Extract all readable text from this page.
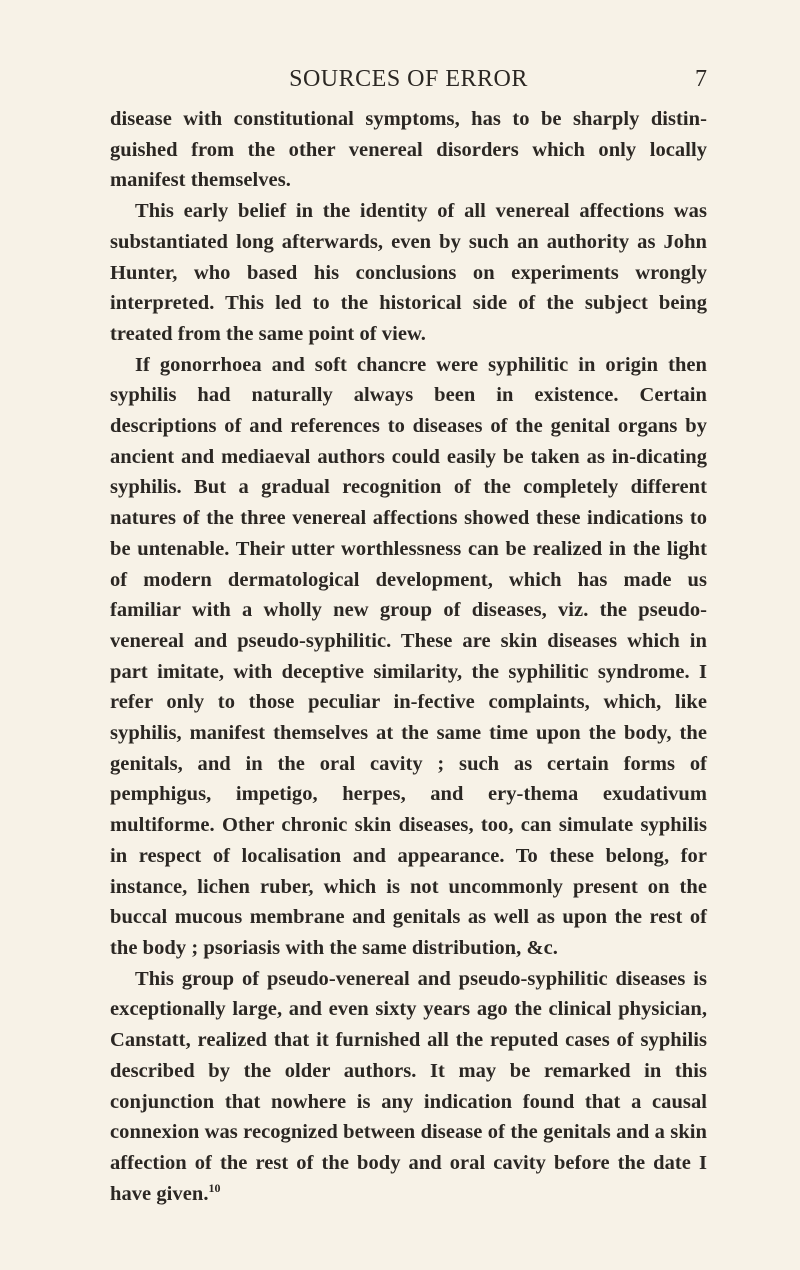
SOURCES OF ERROR	7

disease with constitutional symptoms, has to be sharply distin-guished from the other venereal disorders which only locally manifest themselves.

This early belief in the identity of all venereal affections was substantiated long afterwards, even by such an authority as John Hunter, who based his conclusions on experiments wrongly interpreted. This led to the historical side of the subject being treated from the same point of view.

If gonorrhoea and soft chancre were syphilitic in origin then syphilis had naturally always been in existence. Certain descriptions of and references to diseases of the genital organs by ancient and mediaeval authors could easily be taken as in-dicating syphilis. But a gradual recognition of the completely different natures of the three venereal affections showed these indications to be untenable. Their utter worthlessness can be realized in the light of modern dermatological development, which has made us familiar with a wholly new group of diseases, viz. the pseudo-venereal and pseudo-syphilitic. These are skin diseases which in part imitate, with deceptive similarity, the syphilitic syndrome. I refer only to those peculiar in-fective complaints, which, like syphilis, manifest themselves at the same time upon the body, the genitals, and in the oral cavity ; such as certain forms of pemphigus, impetigo, herpes, and ery-thema exudativum multiforme. Other chronic skin diseases, too, can simulate syphilis in respect of localisation and appearance. To these belong, for instance, lichen ruber, which is not uncommonly present on the buccal mucous membrane and genitals as well as upon the rest of the body ; psoriasis with the same distribution, &c.

This group of pseudo-venereal and pseudo-syphilitic diseases is exceptionally large, and even sixty years ago the clinical physician, Canstatt, realized that it furnished all the reputed cases of syphilis described by the older authors. It may be remarked in this conjunction that nowhere is any indication found that a causal connexion was recognized between disease of the genitals and a skin affection of the rest of the body and oral cavity before the date I have given.$^{10}$
